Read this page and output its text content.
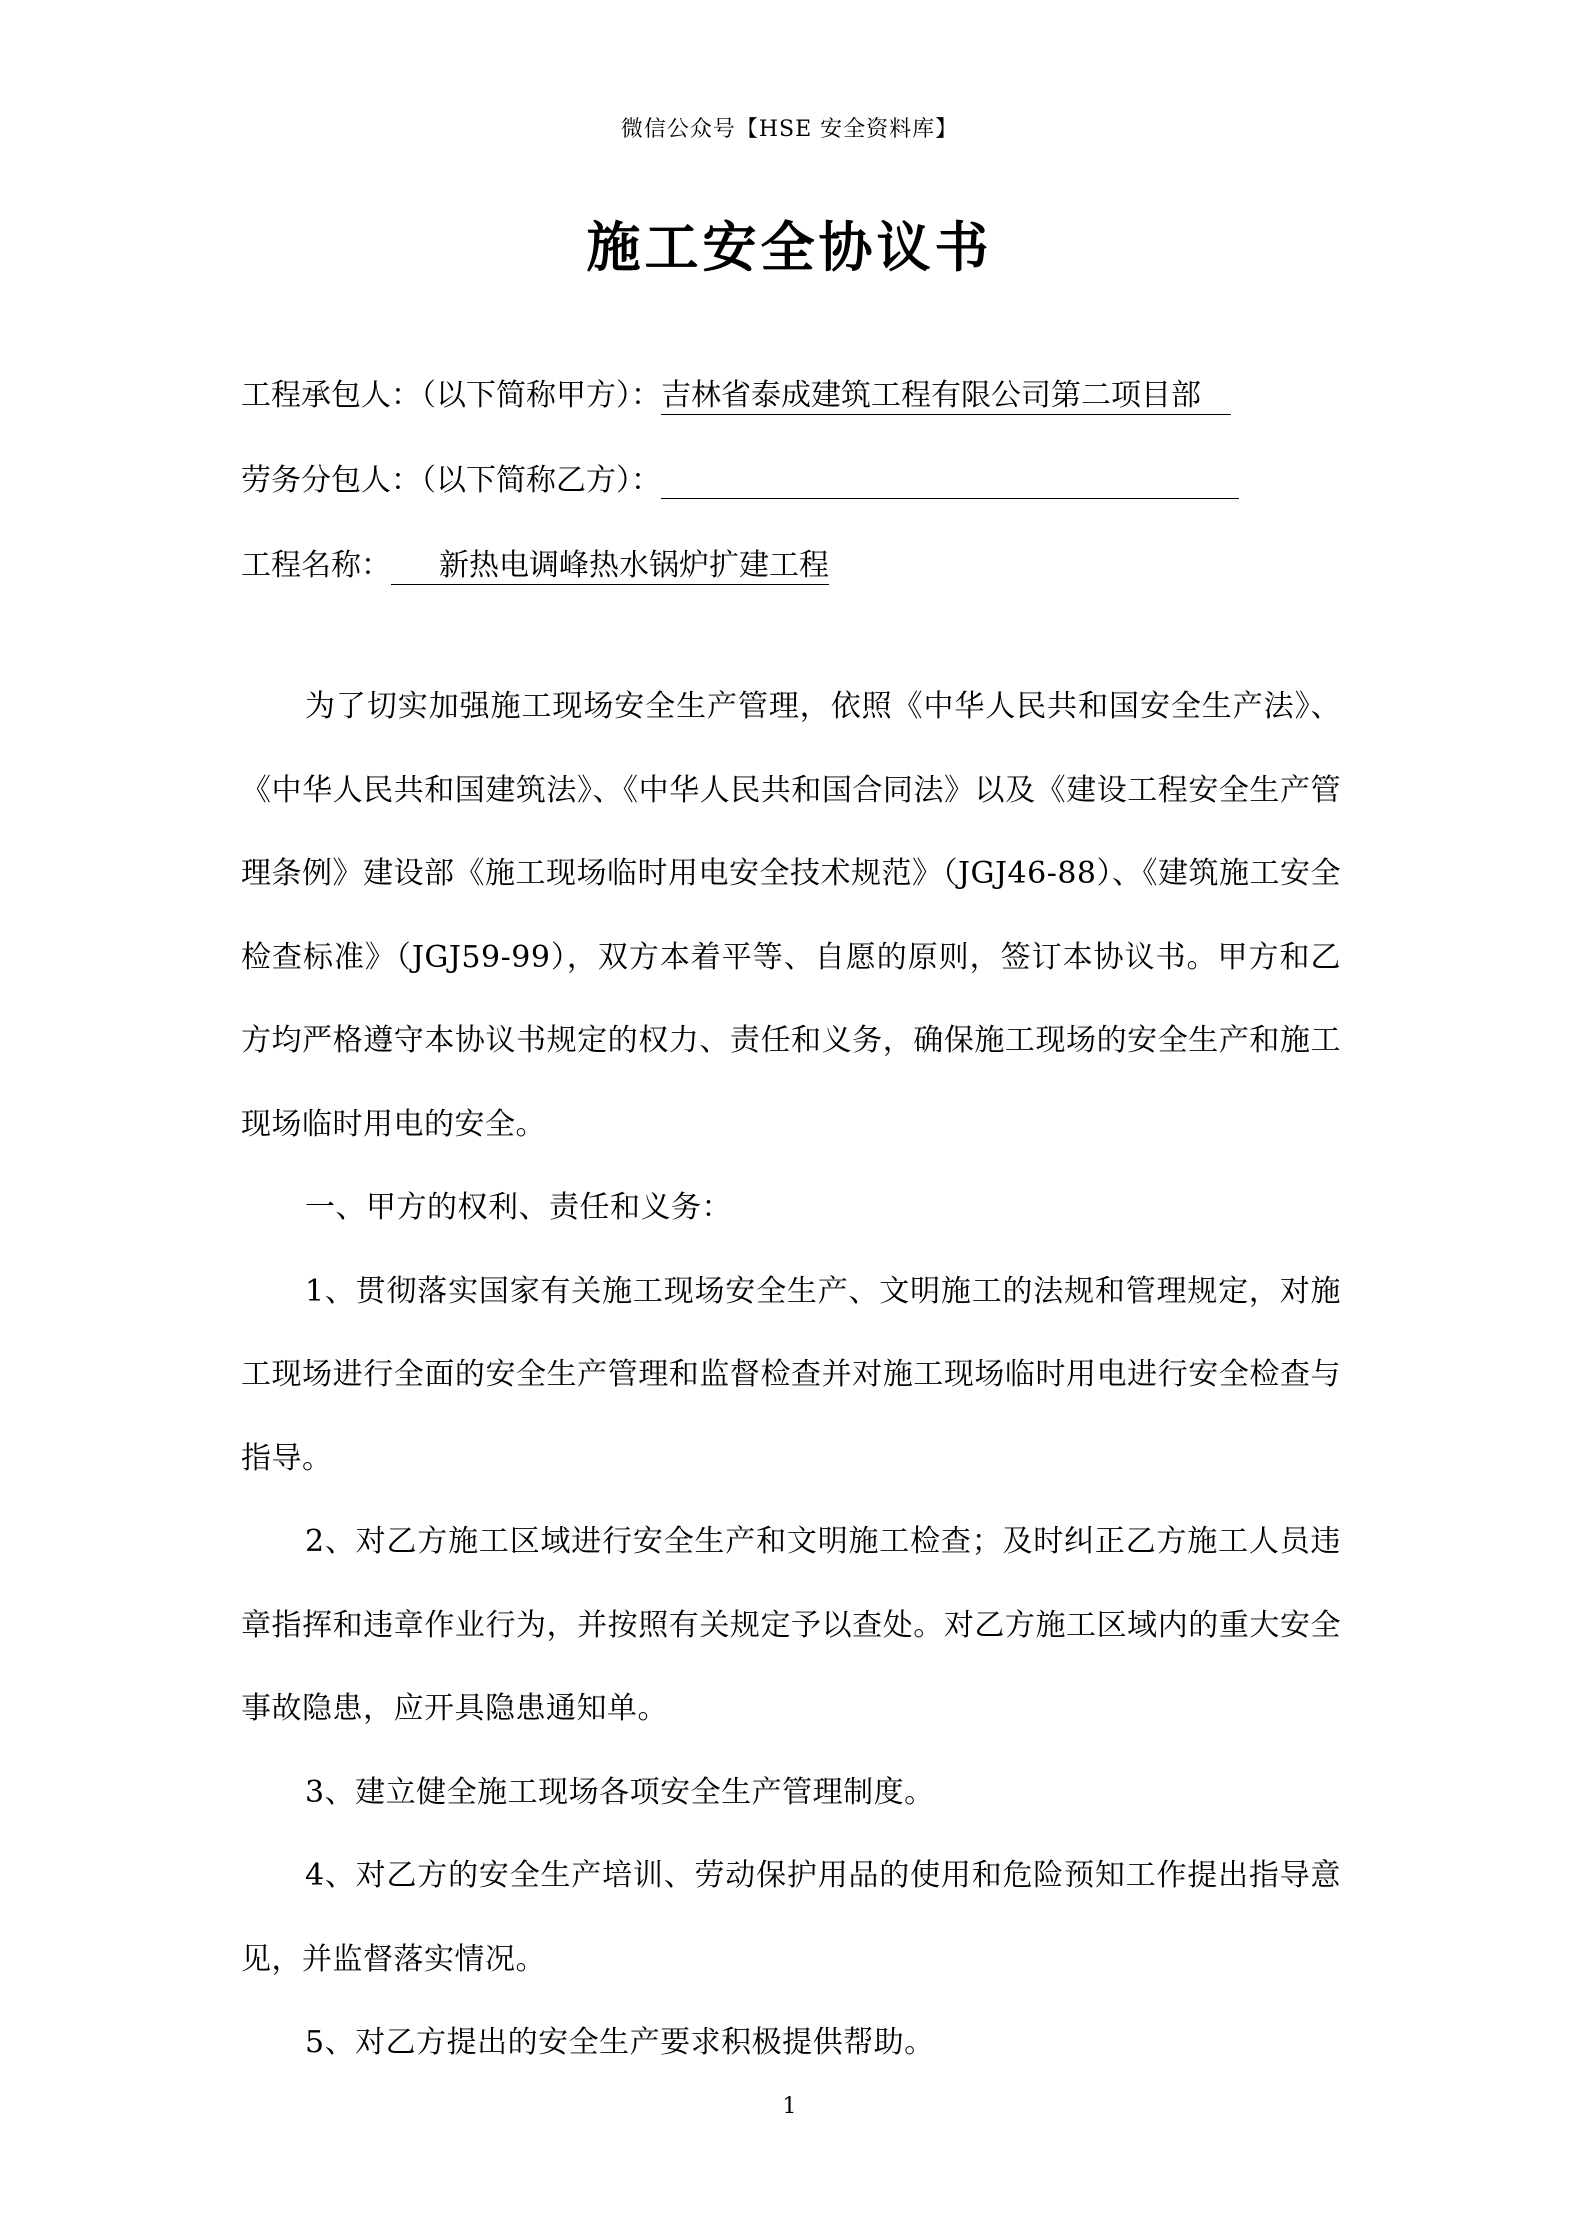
微信公众号【HSE 安全资料库】
施工安全协议书
工程承包人：（以下简称甲方）：吉林省泰成建筑工程有限公司第二项目部
劳务分包人：（以下简称乙方）：
工程名称： 新热电调峰热水锅炉扩建工程

为了切实加强施工现场安全生产管理，依照《中华人民共和国安全生产法》、《中华人民共和国建筑法》、《中华人民共和国合同法》以及《建设工程安全生产管理条例》建设部《施工现场临时用电安全技术规范》（JGJ46-88）、《建筑施工安全检查标准》（JGJ59-99），双方本着平等、自愿的原则，签订本协议书。甲方和乙方均严格遵守本协议书规定的权力、责任和义务，确保施工现场的安全生产和施工现场临时用电的安全。

一、甲方的权利、责任和义务：

1、贯彻落实国家有关施工现场安全生产、文明施工的法规和管理规定，对施工现场进行全面的安全生产管理和监督检查并对施工现场临时用电进行安全检查与指导。

2、对乙方施工区域进行安全生产和文明施工检查；及时纠正乙方施工人员违章指挥和违章作业行为，并按照有关规定予以查处。对乙方施工区域内的重大安全事故隐患，应开具隐患通知单。

3、建立健全施工现场各项安全生产管理制度。

4、对乙方的安全生产培训、劳动保护用品的使用和危险预知工作提出指导意见，并监督落实情况。

5、对乙方提出的安全生产要求积极提供帮助。

1
